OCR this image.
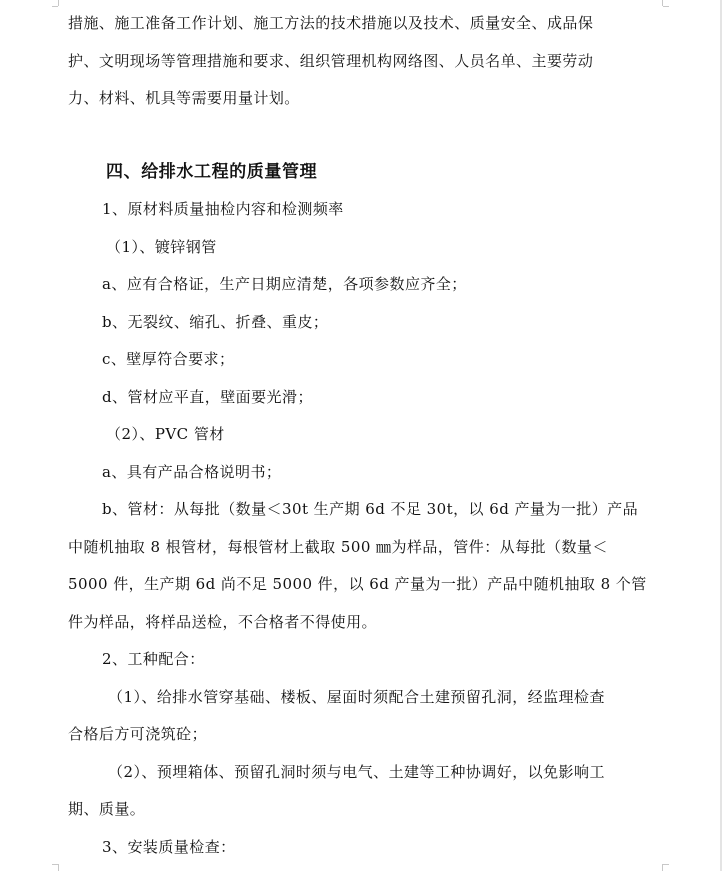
措施、施工准备工作计划、施工方法的技术措施以及技术、质量安全、成品保

护、文明现场等管理措施和要求、组织管理机构网络图、人员名单、主要劳动

力、材料、机具等需要用量计划。

四、给排水工程的质量管理

1、原材料质量抽检内容和检测频率

（1）、镀锌钢管

a、应有合格证，生产日期应清楚，各项参数应齐全；

b、无裂纹、缩孔、折叠、重皮；

c、壁厚符合要求；

d、管材应平直，壁面要光滑；

（2）、PVC 管材

a、具有产品合格说明书；

b、管材：从每批（数量＜30t 生产期 6d 不足 30t，以 6d 产量为一批）产品

中随机抽取 8 根管材，每根管材上截取 500 ㎜为样品，管件：从每批（数量＜

5000 件，生产期 6d 尚不足 5000 件，以 6d 产量为一批）产品中随机抽取 8 个管

件为样品，将样品送检，不合格者不得使用。

2、工种配合：

（1）、给排水管穿基础、楼板、屋面时须配合土建预留孔洞，经监理检查

合格后方可浇筑砼；

（2）、预埋箱体、预留孔洞时须与电气、土建等工种协调好，以免影响工

期、质量。

3、安装质量检查：
